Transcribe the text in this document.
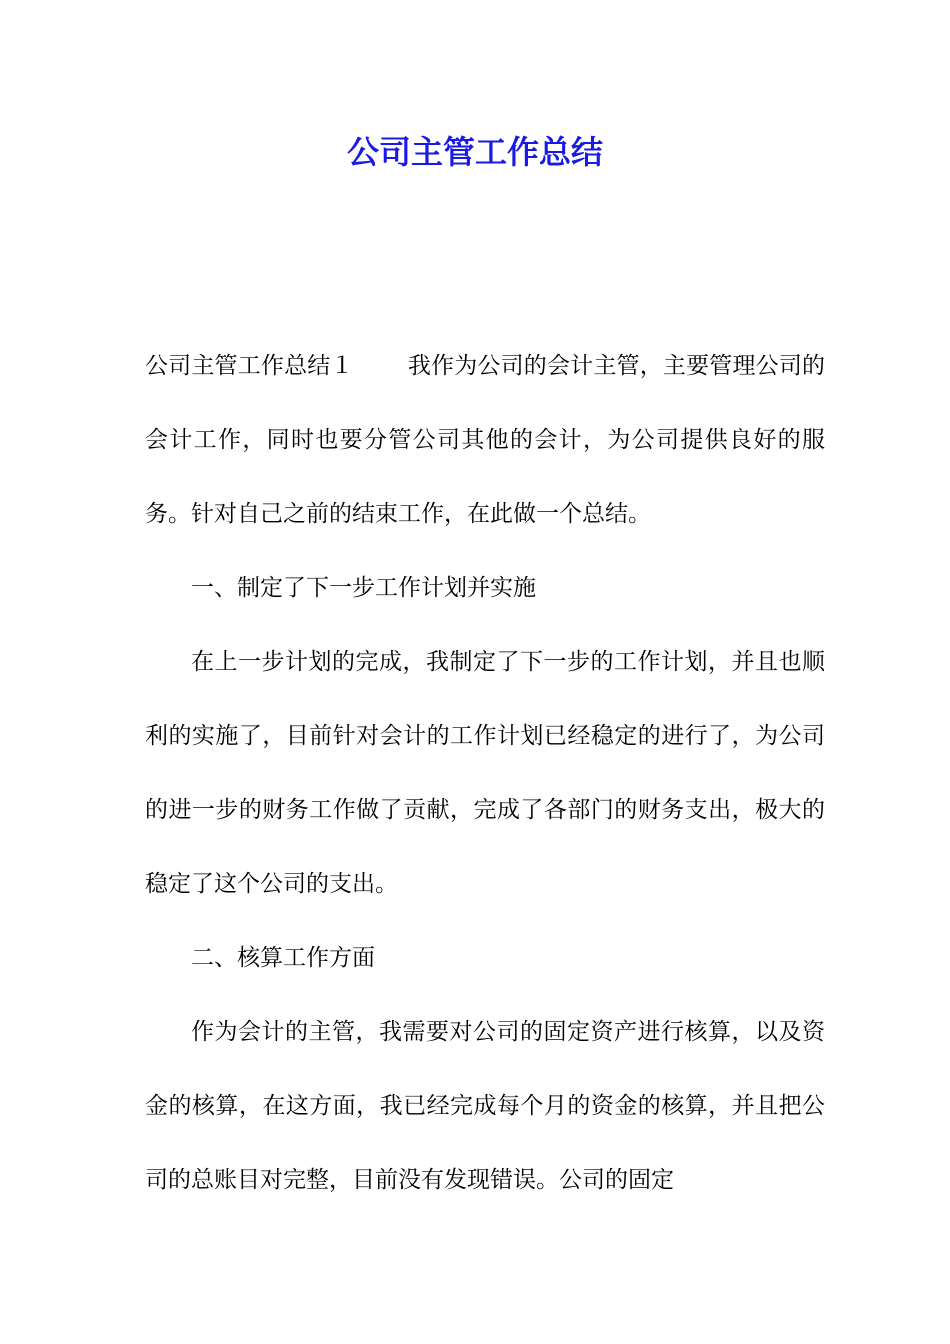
公司主管工作总结

公司主管工作总结１ 我作为公司的会计主管，主要管理公司的会计工作，同时也要分管公司其他的会计，为公司提供良好的服务。针对自己之前的结束工作，在此做一个总结。

一、制定了下一步工作计划并实施

在上一步计划的完成，我制定了下一步的工作计划，并且也顺利的实施了，目前针对会计的工作计划已经稳定的进行了，为公司的进一步的财务工作做了贡献，完成了各部门的财务支出，极大的稳定了这个公司的支出。

二、核算工作方面

作为会计的主管，我需要对公司的固定资产进行核算，以及资金的核算，在这方面，我已经完成每个月的资金的核算，并且把公司的总账目对完整，目前没有发现错误。公司的固定
